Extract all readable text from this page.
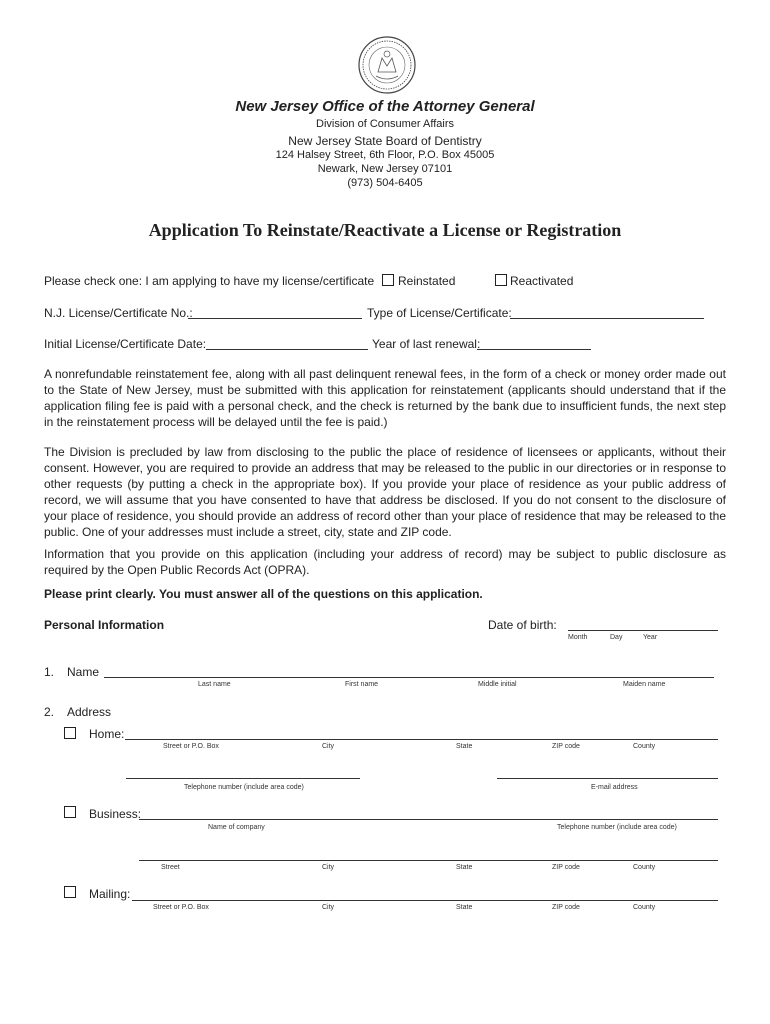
New Jersey Office of the Attorney General
Division of Consumer Affairs
New Jersey State Board of Dentistry
124 Halsey Street, 6th Floor, P.O. Box 45005
Newark, New Jersey 07101
(973) 504-6405
Application To Reinstate/Reactivate a License or Registration
Please check one: I am applying to have my license/certificate Reinstated	Reactivated
N.J. License/Certificate No.:	Type of License/Certificate:
Initial License/Certificate Date:	Year of last renewal:
A nonrefundable reinstatement fee, along with all past delinquent renewal fees, in the form of a check or money order made out to the State of New Jersey, must be submitted with this application for reinstatement (applicants should understand that if the application filing fee is paid with a personal check, and the check is returned by the bank due to insufficient funds, the next step in the reinstatement process will be delayed until the fee is paid.)
The Division is precluded by law from disclosing to the public the place of residence of licensees or applicants, without their consent. However, you are required to provide an address that may be released to the public in our directories or in response to other requests (by putting a check in the appropriate box). If you provide your place of residence as your public address of record, we will assume that you have consented to have that address be disclosed. If you do not consent to the disclosure of your place of residence, you should provide an address of record other than your place of residence that may be released to the public. One of your addresses must include a street, city, state and ZIP code.
Information that you provide on this application (including your address of record) may be subject to public disclosure as required by the Open Public Records Act (OPRA).
Please print clearly. You must answer all of the questions on this application.
Personal Information	Date of birth:
Month	Day	Year
1. Name
Last name	First name	Middle initial	Maiden name
2. Address
Home:
Street or P.O. Box	City	State	ZIP code	County
Telephone number (include area code)	E-mail address
Business:
Name of company	Telephone number (include area code)
Street	City	State	ZIP code	County
Mailing:
Street or P.O. Box	City	State	ZIP code	County
